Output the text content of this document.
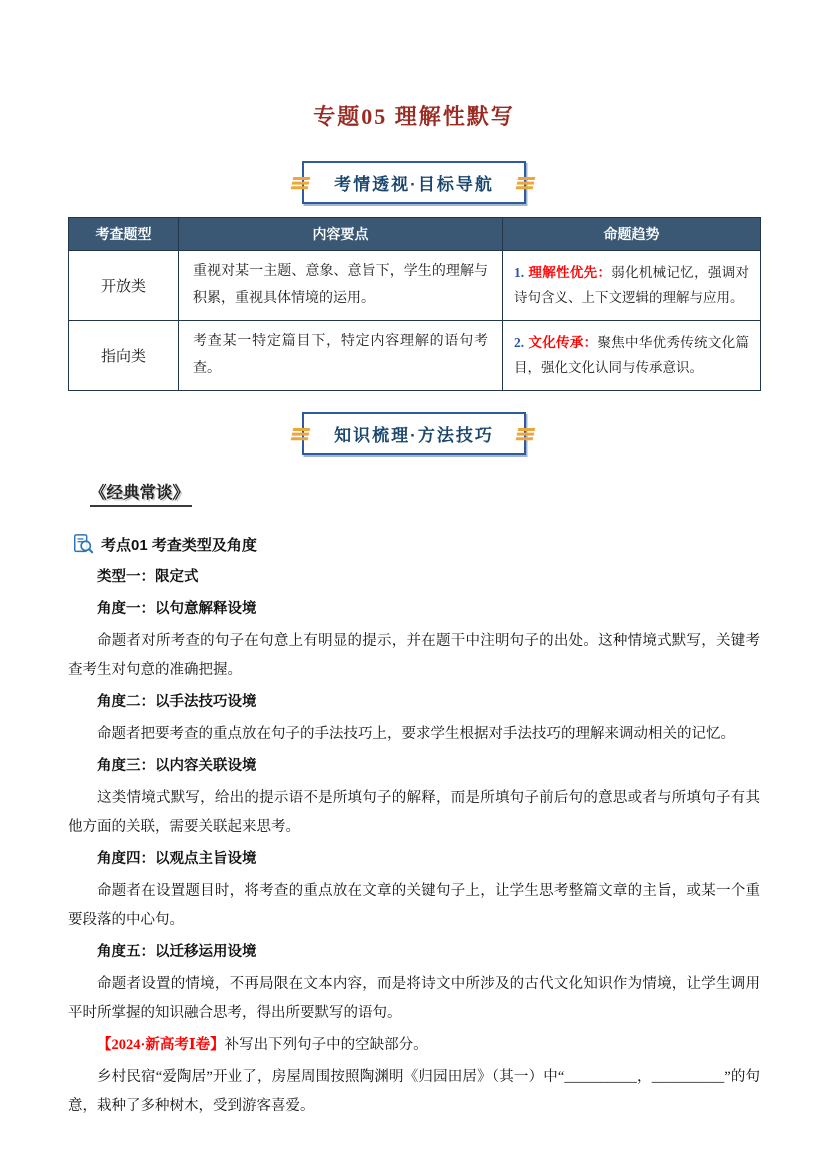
专题05 理解性默写
考情透视·目标导航
考查题型	内容要点	命题趋势
开放类	重视对某一主题、意象、意旨下，学生的理解与积累，重视具体情境的运用。	1. 理解性优先：弱化机械记忆，强调对诗句含义、上下文逻辑的理解与应用。
指向类	考查某一特定篇目下，特定内容理解的语句考查。	2. 文化传承：聚焦中华优秀传统文化篇目，强化文化认同与传承意识。
知识梳理·方法技巧
《经典常谈》
考点01 考查类型及角度
类型一：限定式
角度一：以句意解释设境
命题者对所考查的句子在句意上有明显的提示，并在题干中注明句子的出处。这种情境式默写，关键考查考生对句意的准确把握。
角度二：以手法技巧设境
命题者把要考查的重点放在句子的手法技巧上，要求学生根据对手法技巧的理解来调动相关的记忆。
角度三：以内容关联设境
这类情境式默写，给出的提示语不是所填句子的解释，而是所填句子前后句的意思或者与所填句子有其他方面的关联，需要关联起来思考。
角度四：以观点主旨设境
命题者在设置题目时，将考查的重点放在文章的关键句子上，让学生思考整篇文章的主旨，或某一个重要段落的中心句。
角度五：以迁移运用设境
命题者设置的情境，不再局限在文本内容，而是将诗文中所涉及的古代文化知识作为情境，让学生调用平时所掌握的知识融合思考，得出所要默写的语句。
【2024·新高考Ⅰ卷】补写出下列句子中的空缺部分。
乡村民宿“爱陶居”开业了，房屋周围按照陶渊明《归园田居》（其一）中“__________，__________”的句意，栽种了多种树木，受到游客喜爱。
